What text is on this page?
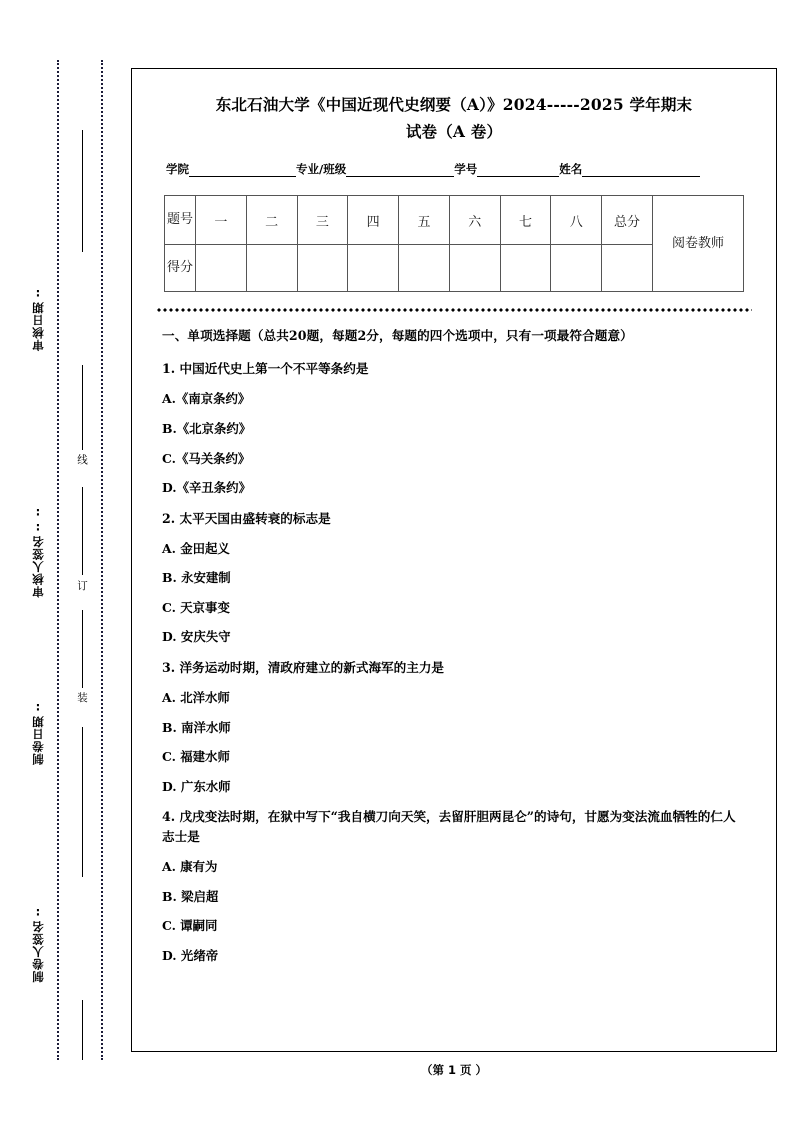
审核日期:
审核人签名::
制卷日期:
制卷人签名:
线
订
装
东北石油大学《中国近现代史纲要（A）》2024-----2025 学年期末
试卷（A 卷）
学院	专业/班级	学号	姓名
题号	一	二	三	四	五	六	七	八	总分	阅卷教师
得分										
一、单项选择题（总共20题，每题2分，每题的四个选项中，只有一项最符合题意）
1. 中国近代史上第一个不平等条约是
A.《南京条约》
B.《北京条约》
C.《马关条约》
D.《辛丑条约》
2. 太平天国由盛转衰的标志是
A. 金田起义
B. 永安建制
C. 天京事变
D. 安庆失守
3. 洋务运动时期，清政府建立的新式海军的主力是
A. 北洋水师
B. 南洋水师
C. 福建水师
D. 广东水师
4. 戊戌变法时期，在狱中写下“我自横刀向天笑，去留肝胆两昆仑”的诗句，甘愿为变法流血牺牲的仁人志士是
A. 康有为
B. 梁启超
C. 谭嗣同
D. 光绪帝
（第 1 页 ）
